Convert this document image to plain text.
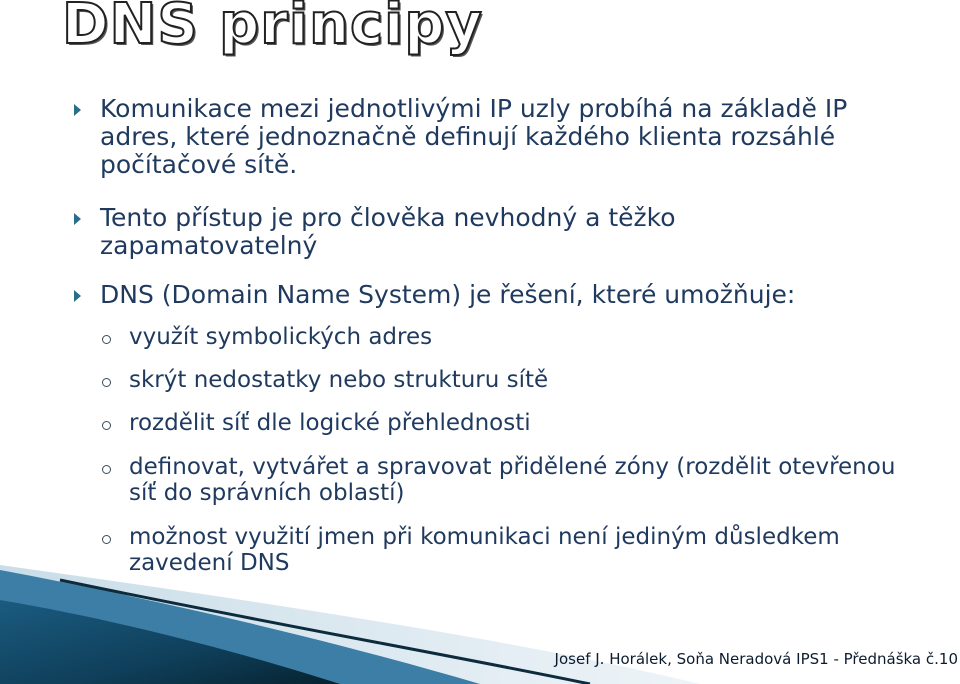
DNS principy
Komunikace mezi jednotlivými IP uzly probíhá na základě IP adres, které jednoznačně definují každého klienta rozsáhlé počítačové sítě.
Tento přístup je pro člověka nevhodný a těžko zapamatovatelný
DNS (Domain Name System) je řešení, které umožňuje:
využít symbolických adres
skrýt nedostatky nebo strukturu sítě
rozdělit síť dle logické přehlednosti
definovat, vytvářet a spravovat přidělené zóny (rozdělit otevřenou síť do správních oblastí)
možnost využití jmen při komunikaci není jediným důsledkem zavedení DNS
Josef J. Horálek, Soňa Neradová IPS1 - Přednáška č.10
